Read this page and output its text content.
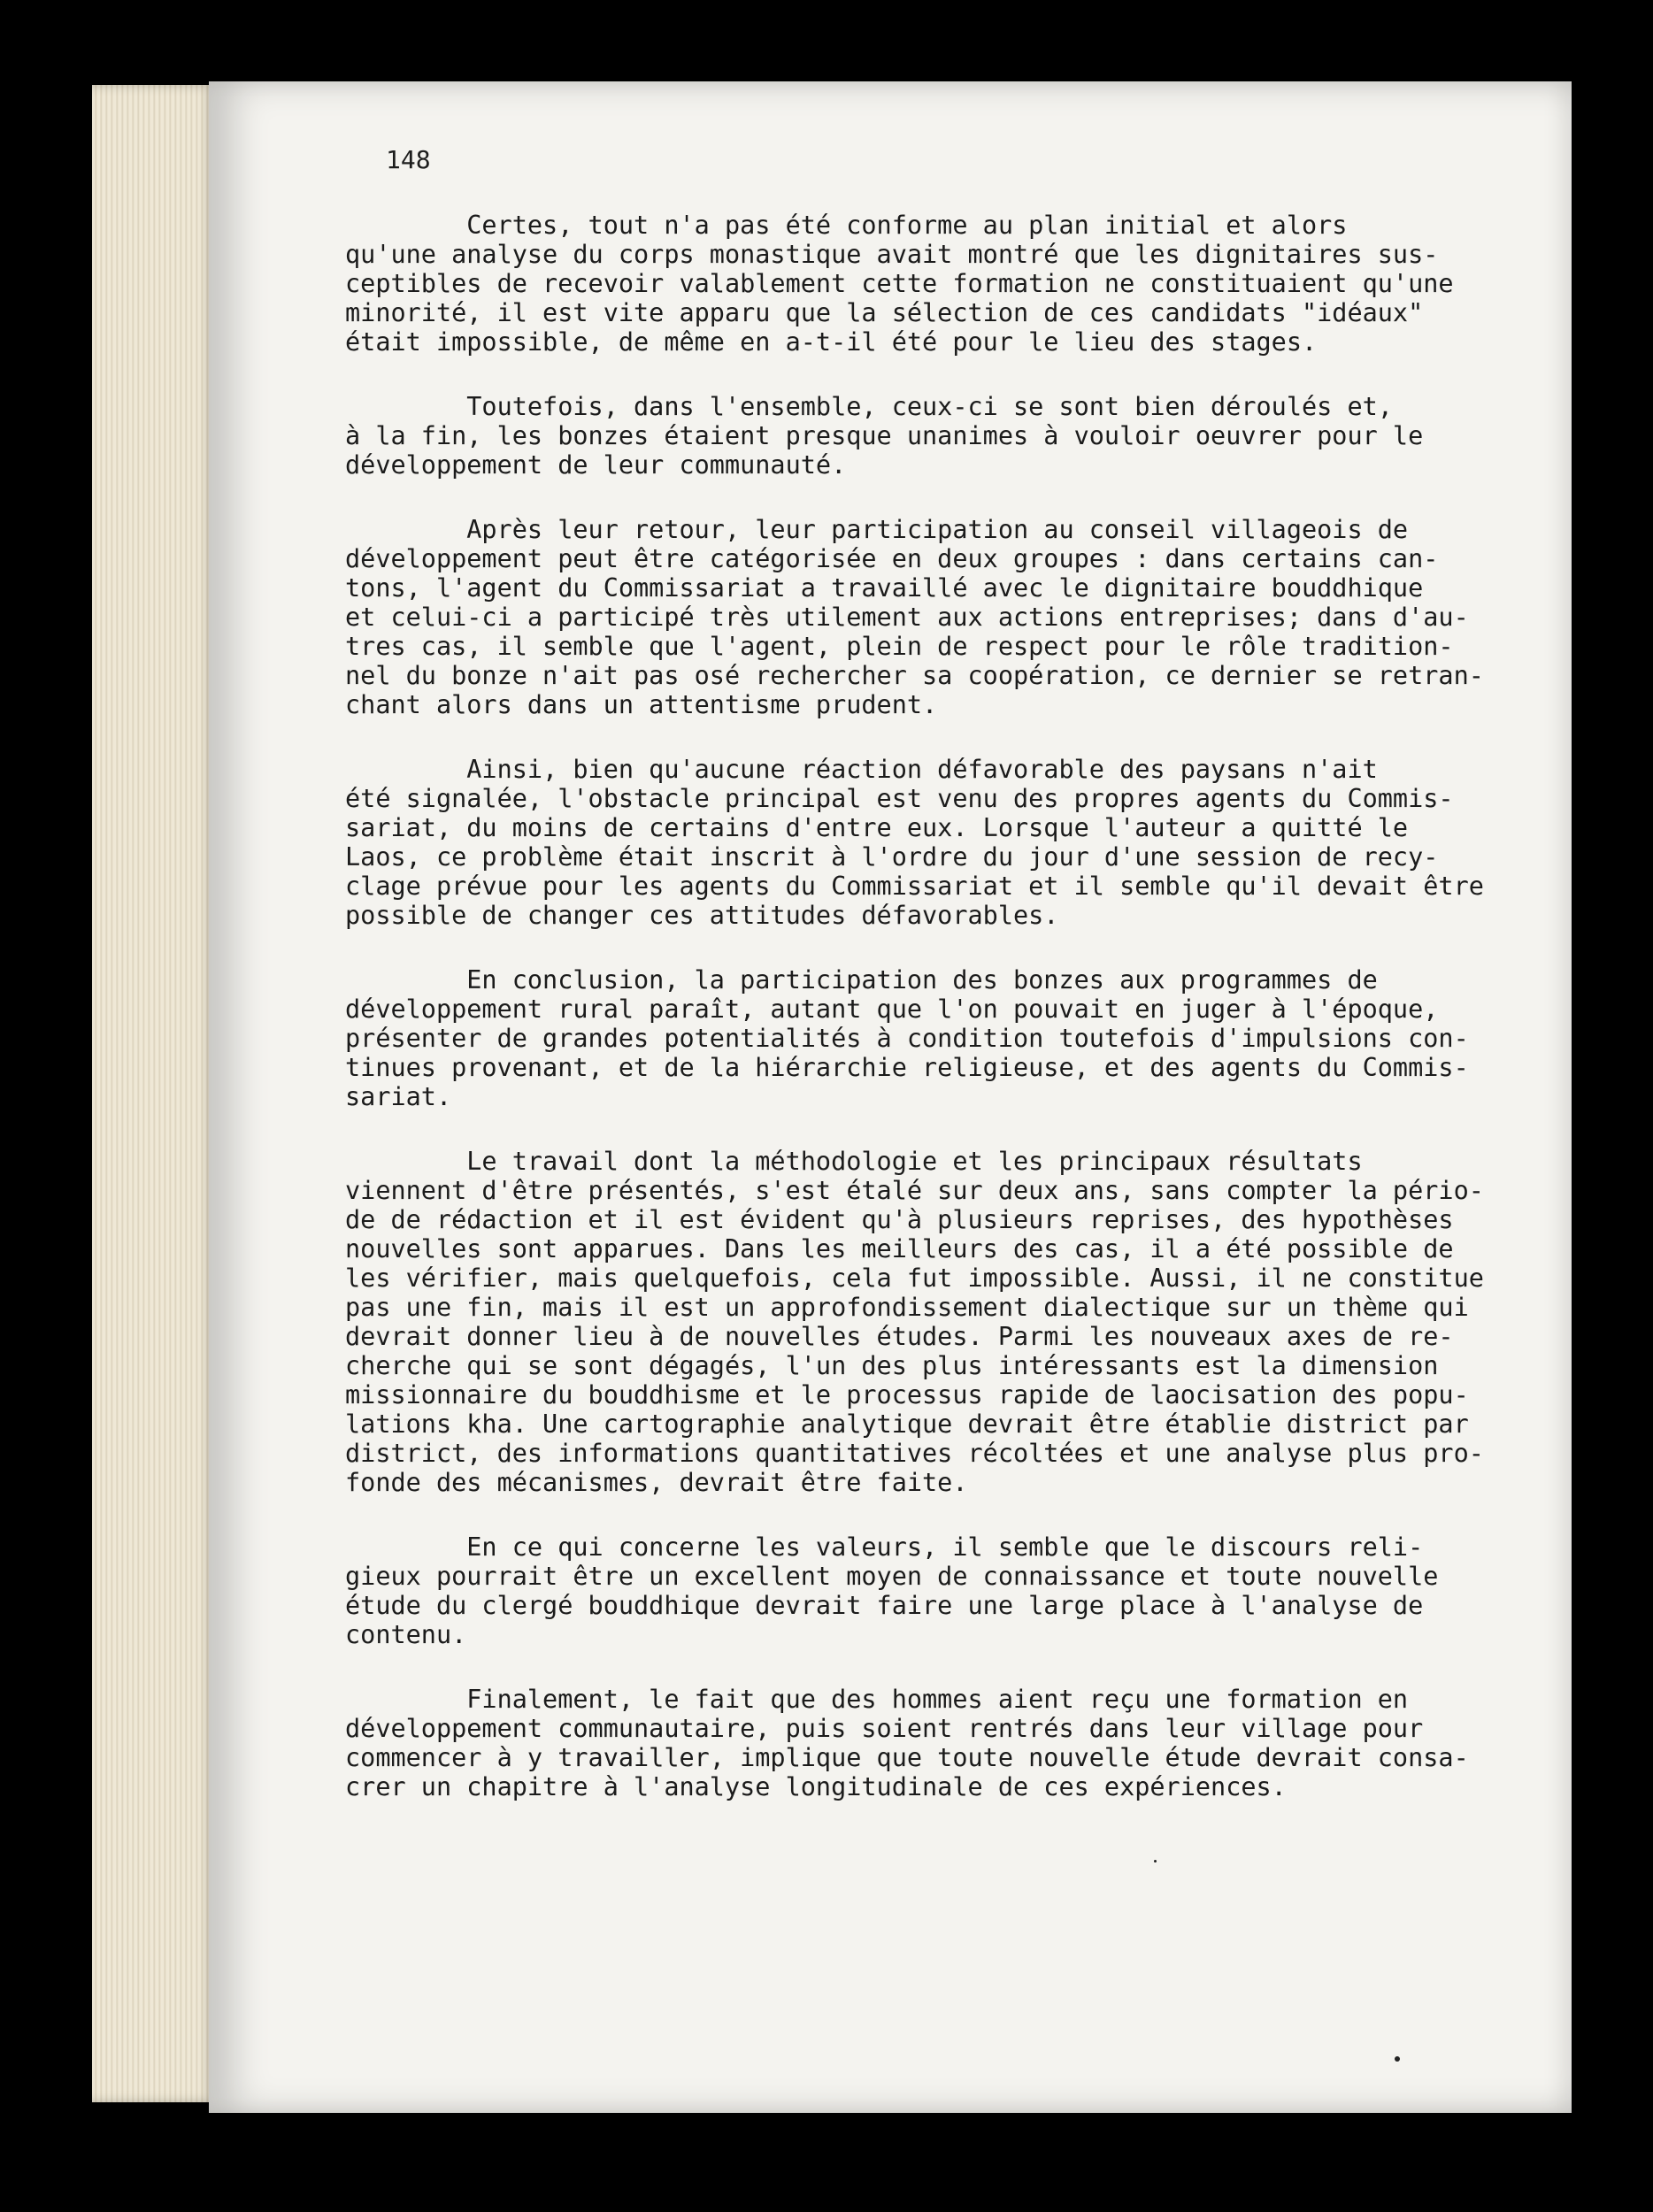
148

Certes, tout n'a pas été conforme au plan initial et alors
qu'une analyse du corps monastique avait montré que les dignitaires sus-
ceptibles de recevoir valablement cette formation ne constituaient qu'une
minorité, il est vite apparu que la sélection de ces candidats "idéaux"
était impossible, de même en a-t-il été pour le lieu des stages.

Toutefois, dans l'ensemble, ceux-ci se sont bien déroulés et,
à la fin, les bonzes étaient presque unanimes à vouloir oeuvrer pour le
développement de leur communauté.

Après leur retour, leur participation au conseil villageois de
développement peut être catégorisée en deux groupes : dans certains can-
tons, l'agent du Commissariat a travaillé avec le dignitaire bouddhique
et celui-ci a participé très utilement aux actions entreprises; dans d'au-
tres cas, il semble que l'agent, plein de respect pour le rôle tradition-
nel du bonze n'ait pas osé rechercher sa coopération, ce dernier se retran-
chant alors dans un attentisme prudent.

Ainsi, bien qu'aucune réaction défavorable des paysans n'ait
été signalée, l'obstacle principal est venu des propres agents du Commis-
sariat, du moins de certains d'entre eux. Lorsque l'auteur a quitté le
Laos, ce problème était inscrit à l'ordre du jour d'une session de recy-
clage prévue pour les agents du Commissariat et il semble qu'il devait être
possible de changer ces attitudes défavorables.

En conclusion, la participation des bonzes aux programmes de
développement rural paraît, autant que l'on pouvait en juger à l'époque,
présenter de grandes potentialités à condition toutefois d'impulsions con-
tinues provenant, et de la hiérarchie religieuse, et des agents du Commis-
sariat.

Le travail dont la méthodologie et les principaux résultats
viennent d'être présentés, s'est étalé sur deux ans, sans compter la pério-
de de rédaction et il est évident qu'à plusieurs reprises, des hypothèses
nouvelles sont apparues. Dans les meilleurs des cas, il a été possible de
les vérifier, mais quelquefois, cela fut impossible. Aussi, il ne constitue
pas une fin, mais il est un approfondissement dialectique sur un thème qui
devrait donner lieu à de nouvelles études. Parmi les nouveaux axes de re-
cherche qui se sont dégagés, l'un des plus intéressants est la dimension
missionnaire du bouddhisme et le processus rapide de laocisation des popu-
lations kha. Une cartographie analytique devrait être établie district par
district, des informations quantitatives récoltées et une analyse plus pro-
fonde des mécanismes, devrait être faite.

En ce qui concerne les valeurs, il semble que le discours reli-
gieux pourrait être un excellent moyen de connaissance et toute nouvelle
étude du clergé bouddhique devrait faire une large place à l'analyse de
contenu.

Finalement, le fait que des hommes aient reçu une formation en
développement communautaire, puis soient rentrés dans leur village pour
commencer à y travailler, implique que toute nouvelle étude devrait consa-
crer un chapitre à l'analyse longitudinale de ces expériences.
